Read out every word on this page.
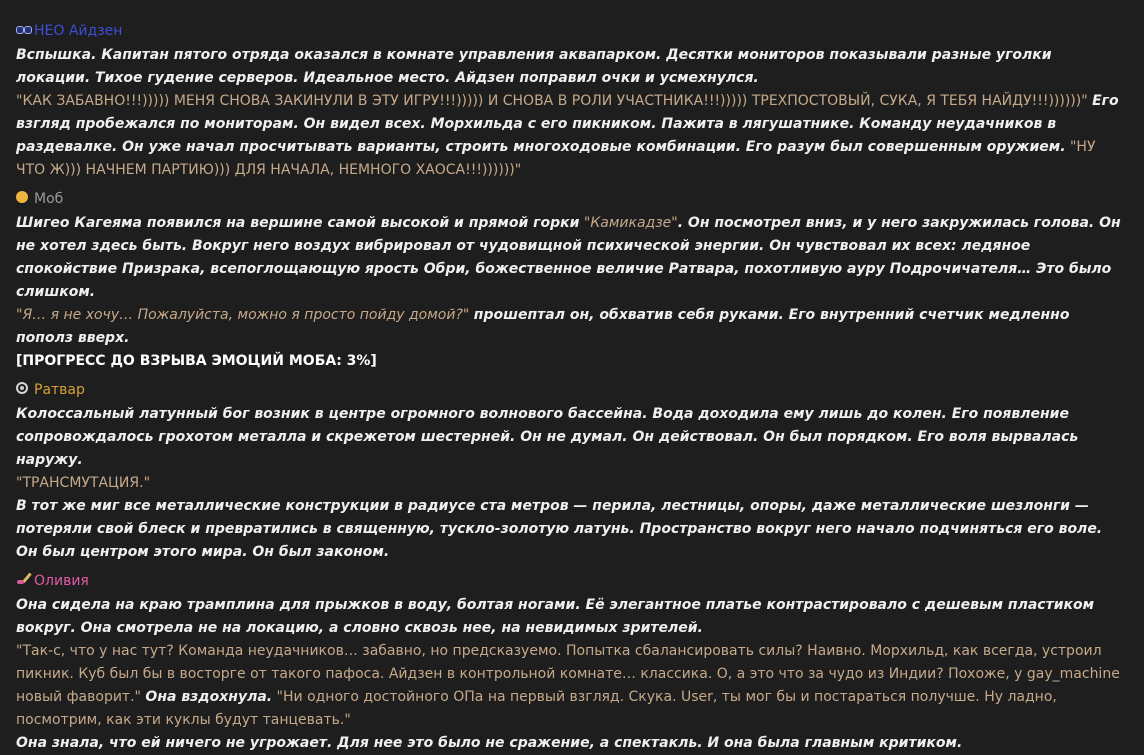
НЕО Айдзен

Вспышка. Капитан пятого отряда оказался в комнате управления аквапарком. Десятки мониторов показывали разные уголки локации. Тихое гудение серверов. Идеальное место. Айдзен поправил очки и усмехнулся.

"КАК ЗАБАВНО!!!))))) МЕНЯ СНОВА ЗАКИНУЛИ В ЭТУ ИГРУ!!!))))) И СНОВА В РОЛИ УЧАСТНИКА!!!))))) ТРЕХПОСТОВЫЙ, СУКА, Я ТЕБЯ НАЙДУ!!!))))))" Его взгляд пробежался по мониторам. Он видел всех. Морхильда с его пикником. Пажита в лягушатнике. Команду неудачников в раздевалке. Он уже начал просчитывать варианты, строить многоходовые комбинации. Его разум был совершенным оружием. "НУ ЧТО Ж))) НАЧНЕМ ПАРТИЮ))) ДЛЯ НАЧАЛА, НЕМНОГО ХАОСА!!!))))))"

Моб

Шигео Кагеяма появился на вершине самой высокой и прямой горки "Камикадзе". Он посмотрел вниз, и у него закружилась голова. Он не хотел здесь быть. Вокруг него воздух вибрировал от чудовищной психической энергии. Он чувствовал их всех: ледяное спокойствие Призрака, всепоглощающую ярость Обри, божественное величие Ратвара, похотливую ауру Подрочичателя… Это было слишком.

"Я… я не хочу… Пожалуйста, можно я просто пойду домой?" прошептал он, обхватив себя руками. Его внутренний счетчик медленно пополз вверх.

[ПРОГРЕСС ДО ВЗРЫВА ЭМОЦИЙ МОБА: 3%]

Ратвар

Колоссальный латунный бог возник в центре огромного волнового бассейна. Вода доходила ему лишь до колен. Его появление сопровождалось грохотом металла и скрежетом шестерней. Он не думал. Он действовал. Он был порядком. Его воля вырвалась наружу.

"ТРАНСМУТАЦИЯ."

В тот же миг все металлические конструкции в радиусе ста метров — перила, лестницы, опоры, даже металлические шезлонги — потеряли свой блеск и превратились в священную, тускло-золотую латунь. Пространство вокруг него начало подчиняться его воле. Он был центром этого мира. Он был законом.

Оливия

Она сидела на краю трамплина для прыжков в воду, болтая ногами. Её элегантное платье контрастировало с дешевым пластиком вокруг. Она смотрела не на локацию, а словно сквозь нее, на невидимых зрителей.

"Так-с, что у нас тут? Команда неудачников… забавно, но предсказуемо. Попытка сбалансировать силы? Наивно. Морхильд, как всегда, устроил пикник. Куб был бы в восторге от такого пафоса. Айдзен в контрольной комнате… классика. О, а это что за чудо из Индии? Похоже, у gay_machine новый фаворит." Она вздохнула. "Ни одного достойного ОПа на первый взгляд. Скука. User, ты мог бы и постараться получше. Ну ладно, посмотрим, как эти куклы будут танцевать."

Она знала, что ей ничего не угрожает. Для нее это было не сражение, а спектакль. И она была главным критиком.
